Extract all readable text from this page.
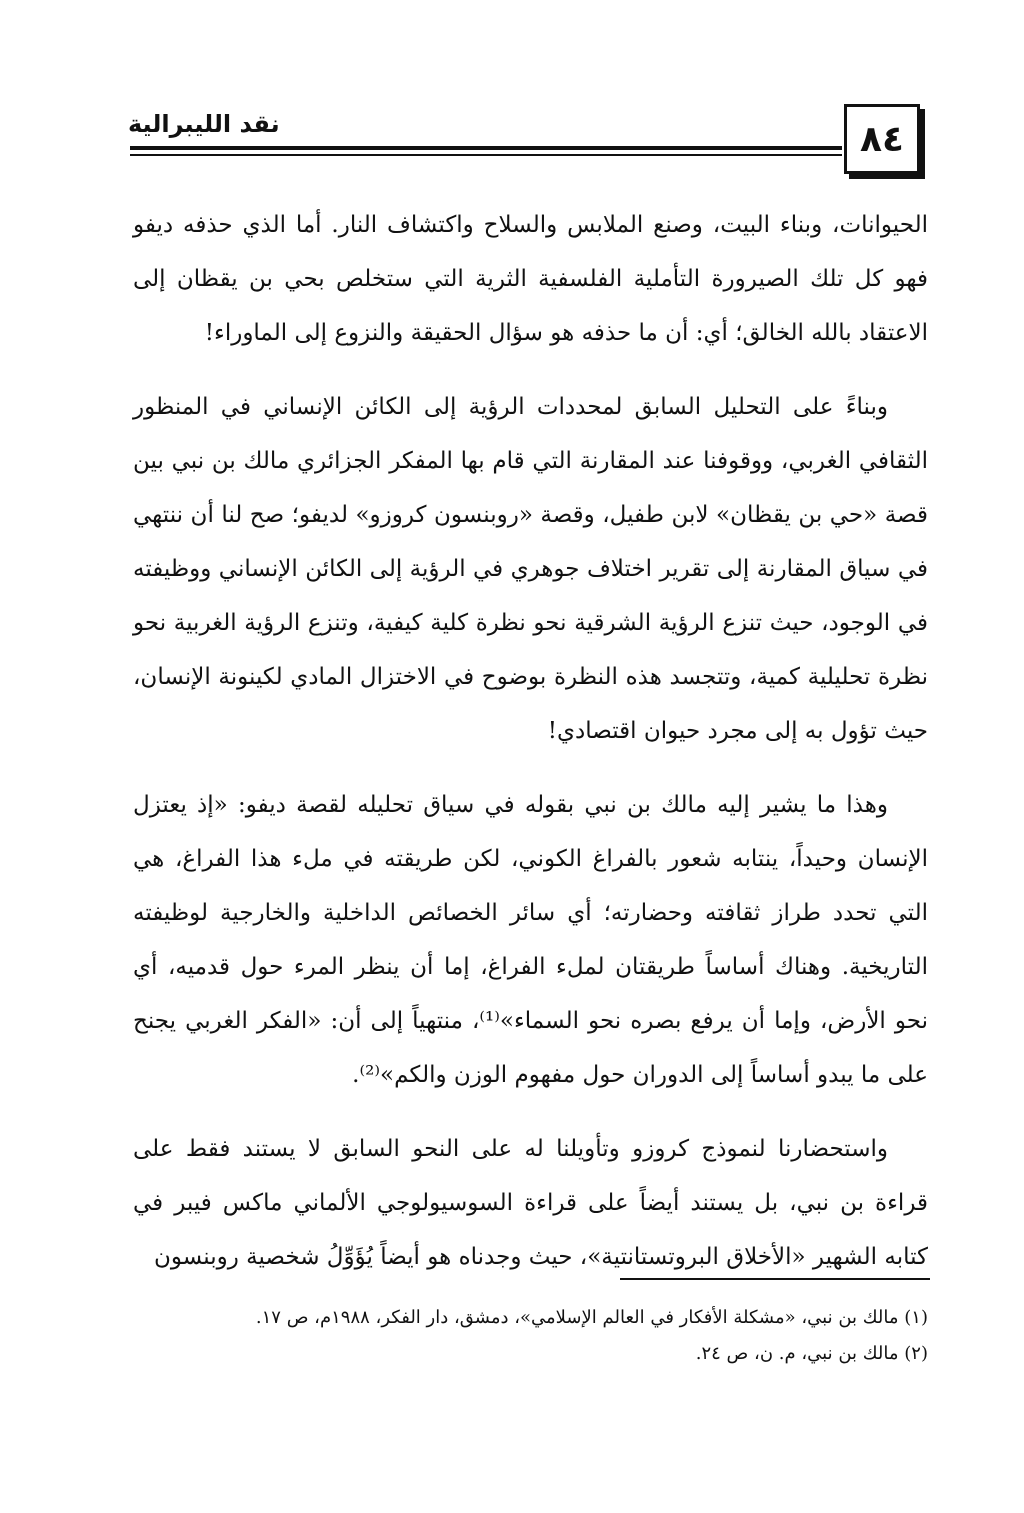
نقد الليبرالية	٨٤

الحيوانات، وبناء البيت، وصنع الملابس والسلاح واكتشاف النار. أما الذي حذفه ديفو فهو كل تلك الصيرورة التأملية الفلسفية الثرية التي ستخلص بحي بن يقظان إلى الاعتقاد بالله الخالق؛ أي: أن ما حذفه هو سؤال الحقيقة والنزوع إلى الماوراء!

وبناءً على التحليل السابق لمحددات الرؤية إلى الكائن الإنساني في المنظور الثقافي الغربي، ووقوفنا عند المقارنة التي قام بها المفكر الجزائري مالك بن نبي بين قصة «حي بن يقظان» لابن طفيل، وقصة «روبنسون كروزو» لديفو؛ صح لنا أن ننتهي في سياق المقارنة إلى تقرير اختلاف جوهري في الرؤية إلى الكائن الإنساني ووظيفته في الوجود، حيث تنزع الرؤية الشرقية نحو نظرة كلية كيفية، وتنزع الرؤية الغربية نحو نظرة تحليلية كمية، وتتجسد هذه النظرة بوضوح في الاختزال المادي لكينونة الإنسان، حيث تؤول به إلى مجرد حيوان اقتصادي!

وهذا ما يشير إليه مالك بن نبي بقوله في سياق تحليله لقصة ديفو: «إذ يعتزل الإنسان وحيداً، ينتابه شعور بالفراغ الكوني، لكن طريقته في ملء هذا الفراغ، هي التي تحدد طراز ثقافته وحضارته؛ أي سائر الخصائص الداخلية والخارجية لوظيفته التاريخية. وهناك أساساً طريقتان لملء الفراغ، إما أن ينظر المرء حول قدميه، أي نحو الأرض، وإما أن يرفع بصره نحو السماء»⁽¹⁾، منتهياً إلى أن: «الفكر الغربي يجنح على ما يبدو أساساً إلى الدوران حول مفهوم الوزن والكم»⁽²⁾.

واستحضارنا لنموذج كروزو وتأويلنا له على النحو السابق لا يستند فقط على قراءة بن نبي، بل يستند أيضاً على قراءة السوسيولوجي الألماني ماكس فيبر في كتابه الشهير «الأخلاق البروتستانتية»، حيث وجدناه هو أيضاً يُؤَوِّلُ شخصية روبنسون

(١) مالك بن نبي، «مشكلة الأفكار في العالم الإسلامي»، دمشق، دار الفكر، ١٩٨٨م، ص ١٧.

(٢) مالك بن نبي، م. ن، ص ٢٤.
